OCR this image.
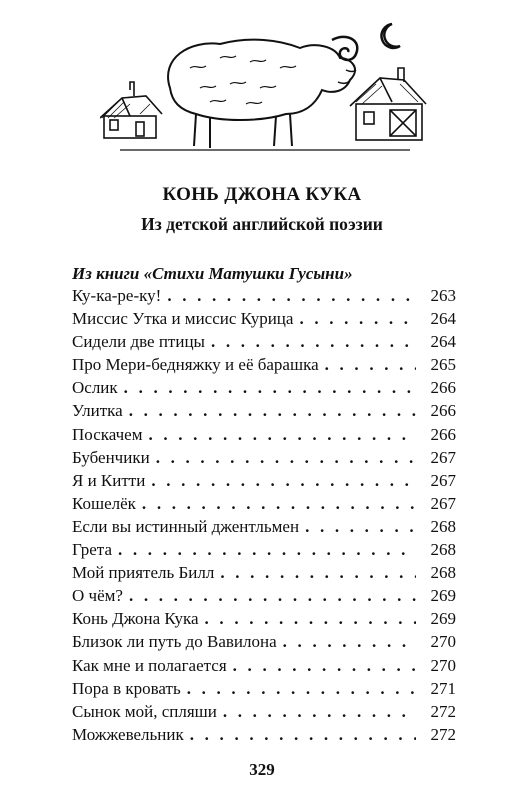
КОНЬ ДЖОНА КУКА
Из детской английской поэзии
Из книги «Стихи Матушки Гусыни»
Ку-ка-ре-ку! . . .	263
Миссис Утка и миссис Курица . . .	264
Сидели две птицы . . .	264
Про Мери-бедняжку и её барашка . . .	265
Ослик . . .	266
Улитка . . .	266
Поскачем . . .	266
Бубенчики . . .	267
Я и Китти . . .	267
Кошелёк . . .	267
Если вы истинный джентльмен . . .	268
Грета . . .	268
Мой приятель Билл . . .	268
О чём? . . .	269
Конь Джона Кука . . .	269
Близок ли путь до Вавилона . . .	270
Как мне и полагается . . .	270
Пора в кровать . . .	271
Сынок мой, спляши . . .	272
Можжевельник . . .	272
329
